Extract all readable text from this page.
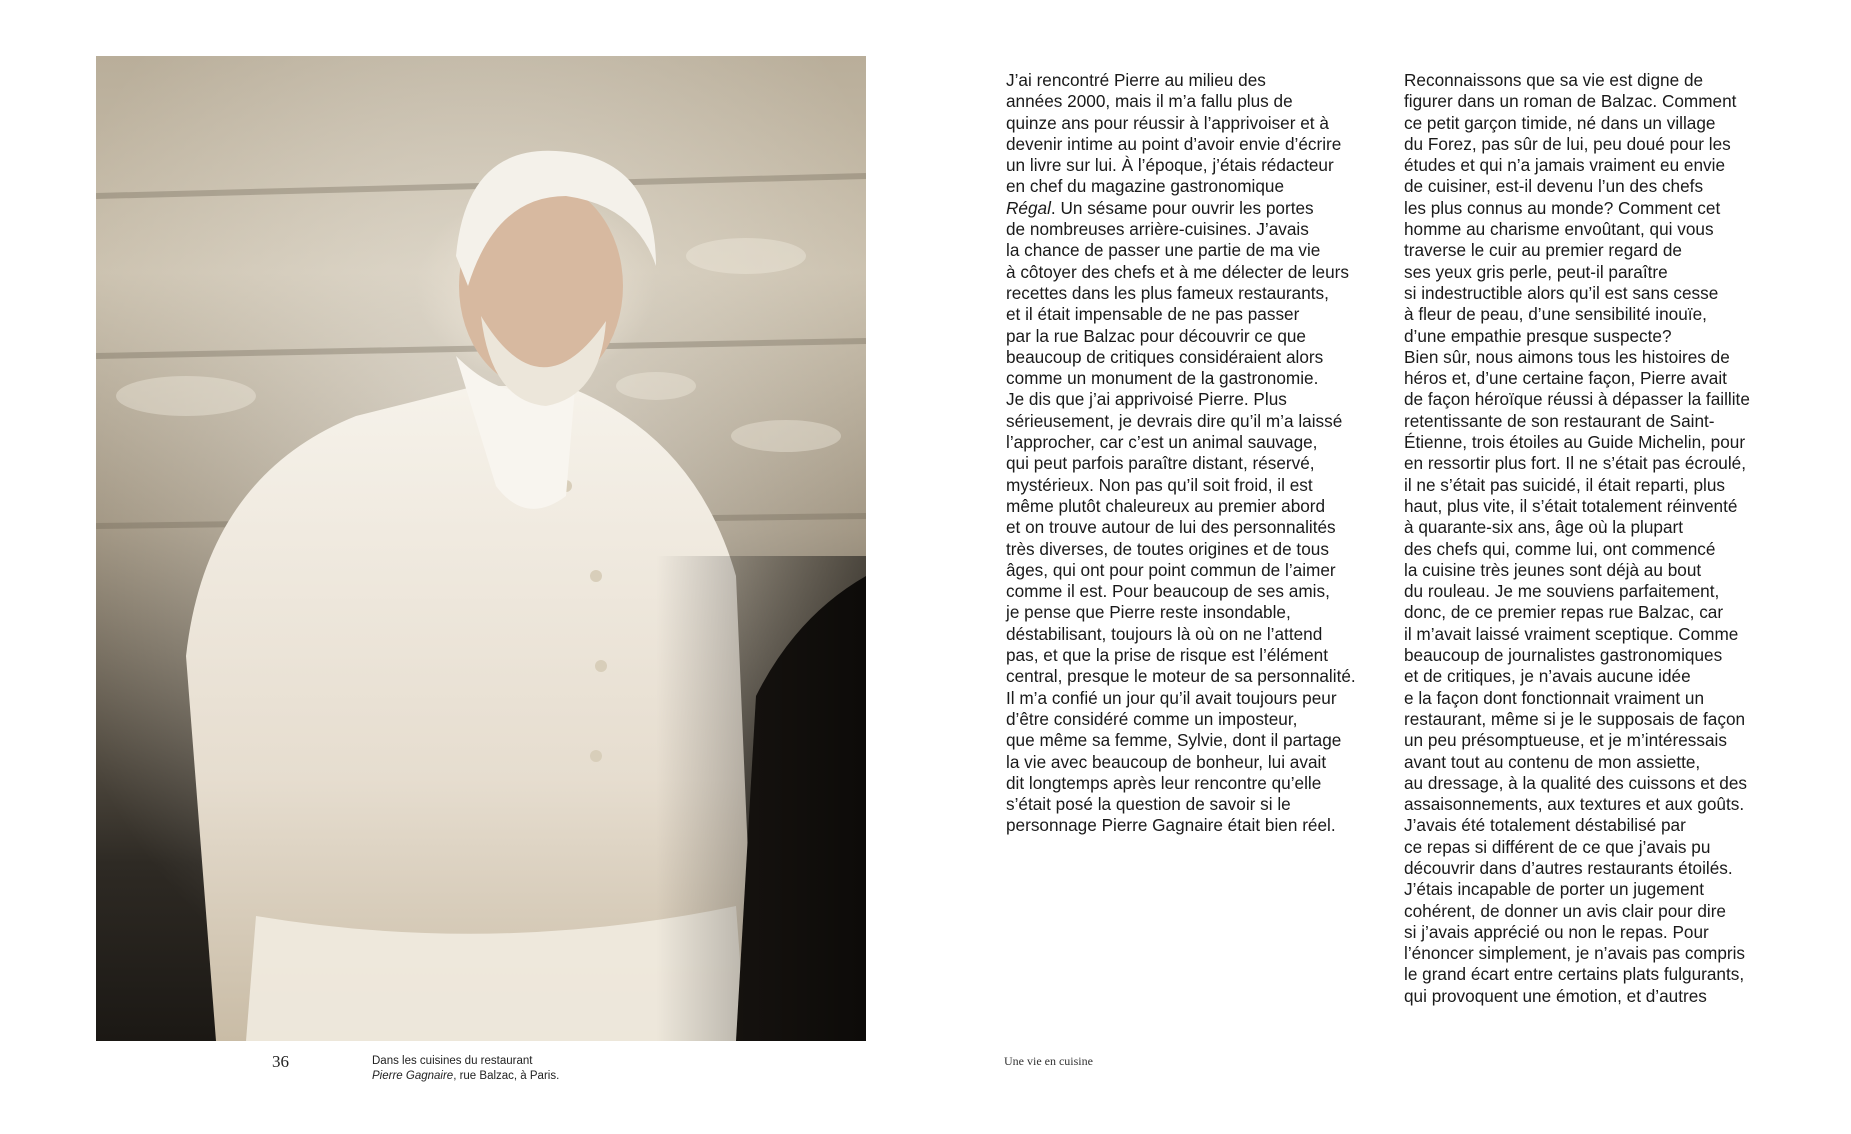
36	Dans les cuisines du restaurant
Pierre Gagnaire, rue Balzac, à Paris.
J’ai rencontré Pierre au milieu des
années 2000, mais il m’a fallu plus de
quinze ans pour réussir à l’apprivoiser et à
devenir intime au point d’avoir envie d’écrire
un livre sur lui. À l’époque, j’étais rédacteur
en chef du magazine gastronomique
Régal. Un sésame pour ouvrir les portes
de nombreuses arrière-cuisines. J’avais
la chance de passer une partie de ma vie
à côtoyer des chefs et à me délecter de leurs
recettes dans les plus fameux restaurants,
et il était impensable de ne pas passer
par la rue Balzac pour découvrir ce que
beaucoup de critiques considéraient alors
comme un monument de la gastronomie.
Je dis que j’ai apprivoisé Pierre. Plus
sérieusement, je devrais dire qu’il m’a laissé
l’approcher, car c’est un animal sauvage,
qui peut parfois paraître distant, réservé,
mystérieux. Non pas qu’il soit froid, il est
même plutôt chaleureux au premier abord
et on trouve autour de lui des personnalités
très diverses, de toutes origines et de tous
âges, qui ont pour point commun de l’aimer
comme il est. Pour beaucoup de ses amis,
je pense que Pierre reste insondable,
déstabilisant, toujours là où on ne l’attend
pas, et que la prise de risque est l’élément
central, presque le moteur de sa personnalité.
Il m’a confié un jour qu’il avait toujours peur
d’être considéré comme un imposteur,
que même sa femme, Sylvie, dont il partage
la vie avec beaucoup de bonheur, lui avait
dit longtemps après leur rencontre qu’elle
s’était posé la question de savoir si le
personnage Pierre Gagnaire était bien réel.
Reconnaissons que sa vie est digne de
figurer dans un roman de Balzac. Comment
ce petit garçon timide, né dans un village
du Forez, pas sûr de lui, peu doué pour les
études et qui n’a jamais vraiment eu envie
de cuisiner, est-il devenu l’un des chefs
les plus connus au monde? Comment cet
homme au charisme envoûtant, qui vous
traverse le cuir au premier regard de
ses yeux gris perle, peut-il paraître
si indestructible alors qu’il est sans cesse
à fleur de peau, d’une sensibilité inouïe,
d’une empathie presque suspecte?
Bien sûr, nous aimons tous les histoires de
héros et, d’une certaine façon, Pierre avait
de façon héroïque réussi à dépasser la faillite
retentissante de son restaurant de Saint-
Étienne, trois étoiles au Guide Michelin, pour
en ressortir plus fort. Il ne s’était pas écroulé,
il ne s’était pas suicidé, il était reparti, plus
haut, plus vite, il s’était totalement réinventé
à quarante-six ans, âge où la plupart
des chefs qui, comme lui, ont commencé
la cuisine très jeunes sont déjà au bout
du rouleau. Je me souviens parfaitement,
donc, de ce premier repas rue Balzac, car
il m’avait laissé vraiment sceptique. Comme
beaucoup de journalistes gastronomiques
et de critiques, je n’avais aucune idée
e la façon dont fonctionnait vraiment un
restaurant, même si je le supposais de façon
un peu présomptueuse, et je m’intéressais
avant tout au contenu de mon assiette,
au dressage, à la qualité des cuissons et des
assaisonnements, aux textures et aux goûts.
J’avais été totalement déstabilisé par
ce repas si différent de ce que j’avais pu
découvrir dans d’autres restaurants étoilés.
J’étais incapable de porter un jugement
cohérent, de donner un avis clair pour dire
si j’avais apprécié ou non le repas. Pour
l’énoncer simplement, je n’avais pas compris
le grand écart entre certains plats fulgurants,
qui provoquent une émotion, et d’autres
Une vie en cuisine
